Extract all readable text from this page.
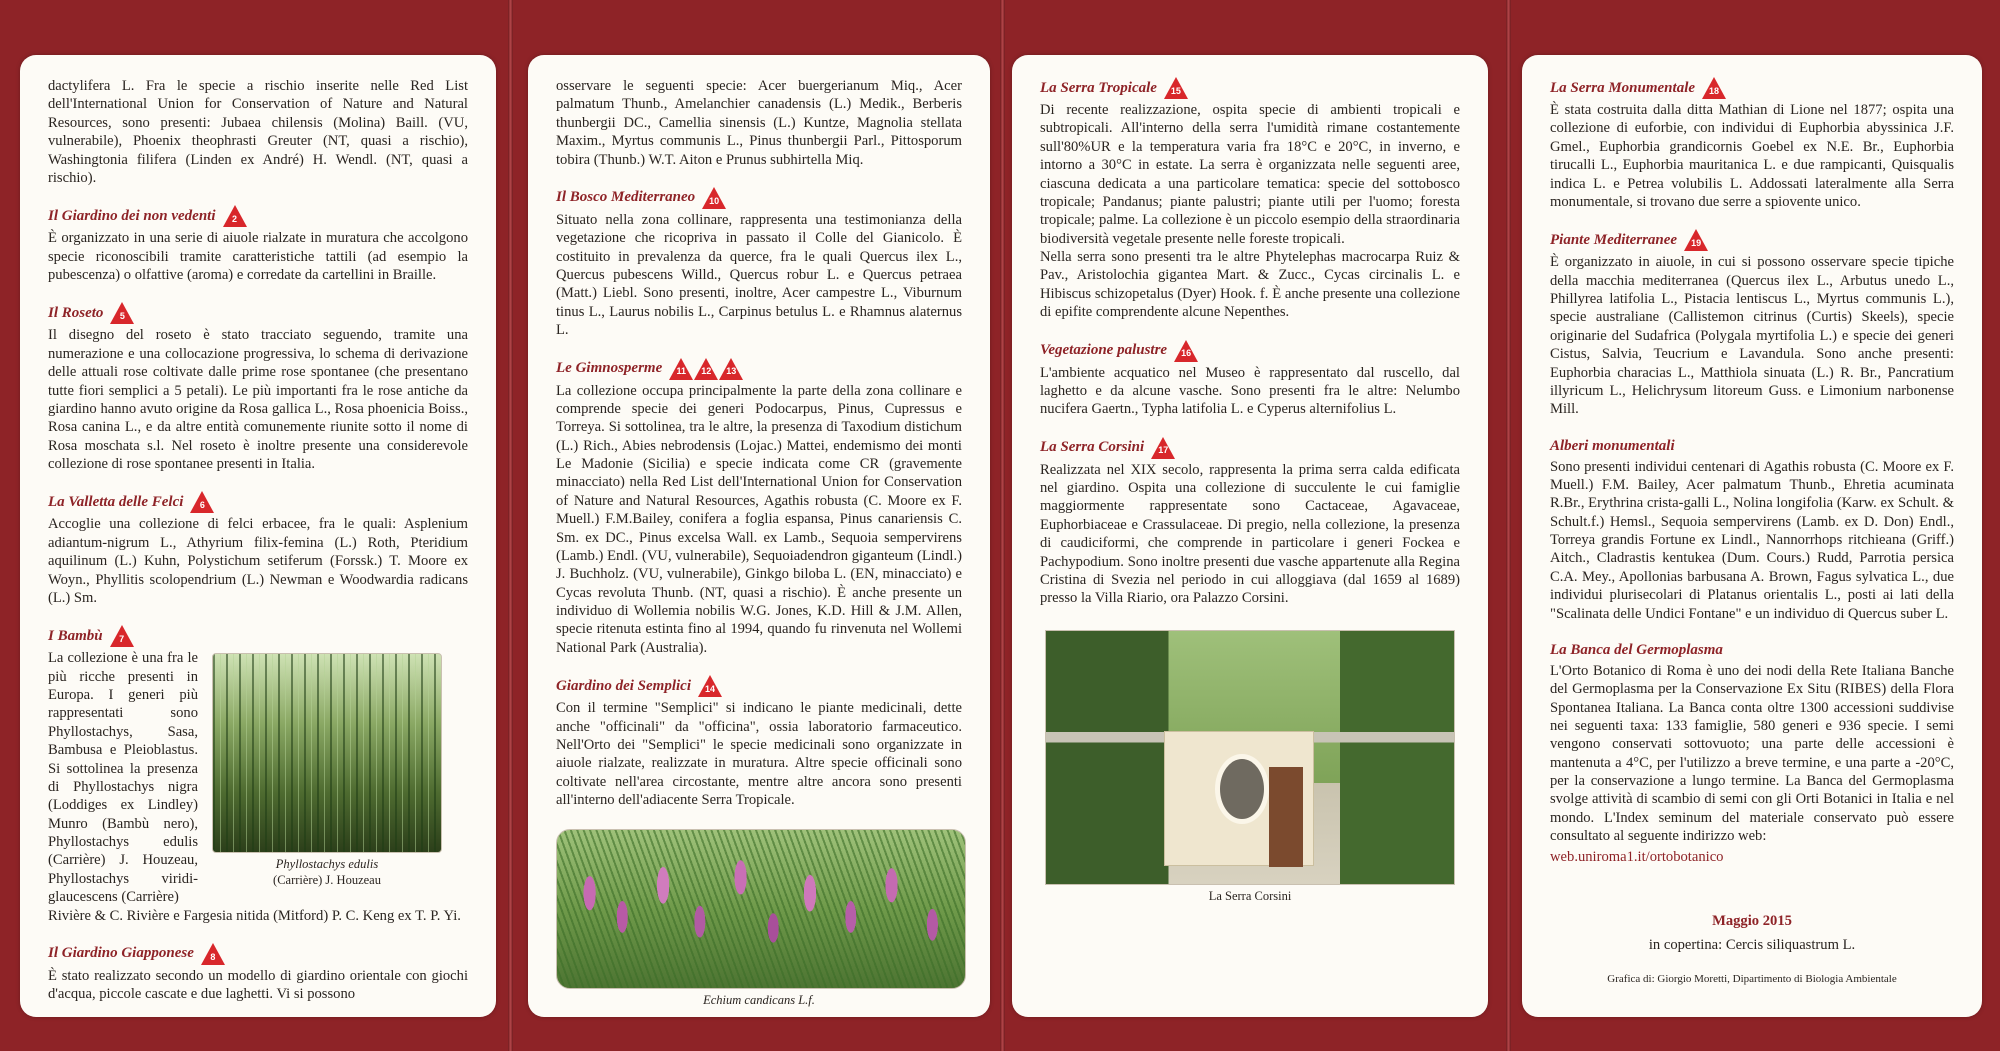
dactylifera L. Fra le specie a rischio inserite nelle Red List dell'International Union for Conservation of Nature and Natural Resources, sono presenti: Jubaea chilensis (Molina) Baill. (VU, vulnerabile), Phoenix theophrasti Greuter (NT, quasi a rischio), Washingtonia filifera (Linden ex André) H. Wendl. (NT, quasi a rischio).

Il Giardino dei non vedenti 2

È organizzato in una serie di aiuole rialzate in muratura che accolgono specie riconoscibili tramite caratteristiche tattili (ad esempio la pubescenza) o olfattive (aroma) e corredate da cartellini in Braille.

Il Roseto 5

Il disegno del roseto è stato tracciato seguendo, tramite una numerazione e una collocazione progressiva, lo schema di derivazione delle attuali rose coltivate dalle prime rose spontanee (che presentano tutte fiori semplici a 5 petali). Le più importanti fra le rose antiche da giardino hanno avuto origine da Rosa gallica L., Rosa phoenicia Boiss., Rosa canina L., e da altre entità comunemente riunite sotto il nome di Rosa moschata s.l. Nel roseto è inoltre presente una considerevole collezione di rose spontanee presenti in Italia.

La Valletta delle Felci 6

Accoglie una collezione di felci erbacee, fra le quali: Asplenium adiantum-nigrum L., Athyrium filix-femina (L.) Roth, Pteridium aquilinum (L.) Kuhn, Polystichum setiferum (Forssk.) T. Moore ex Woyn., Phyllitis scolopendrium (L.) Newman e Woodwardia radicans (L.) Sm.

I Bambù 7

La collezione è una fra le più ricche presenti in Europa. I generi più rappresentati sono Phyllostachys, Sasa, Bambusa e Pleioblastus. Si sottolinea la presenza di Phyllostachys nigra (Loddiges ex Lindley) Munro (Bambù nero), Phyllostachys edulis (Carrière) J. Houzeau, Phyllostachys viridi-glaucescens (Carrière)

Phyllostachys edulis
(Carrière) J. Houzeau

Rivière & C. Rivière e Fargesia nitida (Mitford) P. C. Keng ex T. P. Yi.

Il Giardino Giapponese 8

È stato realizzato secondo un modello di giardino orientale con giochi d'acqua, piccole cascate e due laghetti. Vi si possono

osservare le seguenti specie: Acer buergerianum Miq., Acer palmatum Thunb., Amelanchier canadensis (L.) Medik., Berberis thunbergii DC., Camellia sinensis (L.) Kuntze, Magnolia stellata Maxim., Myrtus communis L., Pinus thunbergii Parl., Pittosporum tobira (Thunb.) W.T. Aiton e Prunus subhirtella Miq.

Il Bosco Mediterraneo 10

Situato nella zona collinare, rappresenta una testimonianza della vegetazione che ricopriva in passato il Colle del Gianicolo. È costituito in prevalenza da querce, fra le quali Quercus ilex L., Quercus pubescens Willd., Quercus robur L. e Quercus petraea (Matt.) Liebl. Sono presenti, inoltre, Acer campestre L., Viburnum tinus L., Laurus nobilis L., Carpinus betulus L. e Rhamnus alaternus L.

Le Gimnosperme 11 12 13

La collezione occupa principalmente la parte della zona collinare e comprende specie dei generi Podocarpus, Pinus, Cupressus e Torreya. Si sottolinea, tra le altre, la presenza di Taxodium distichum (L.) Rich., Abies nebrodensis (Lojac.) Mattei, endemismo dei monti Le Madonie (Sicilia) e specie indicata come CR (gravemente minacciato) nella Red List dell'International Union for Conservation of Nature and Natural Resources, Agathis robusta (C. Moore ex F. Muell.) F.M.Bailey, conifera a foglia espansa, Pinus canariensis C. Sm. ex DC., Pinus excelsa Wall. ex Lamb., Sequoia sempervirens (Lamb.) Endl. (VU, vulnerabile), Sequoiadendron giganteum (Lindl.) J. Buchholz. (VU, vulnerabile), Ginkgo biloba L. (EN, minacciato) e Cycas revoluta Thunb. (NT, quasi a rischio). È anche presente un individuo di Wollemia nobilis W.G. Jones, K.D. Hill & J.M. Allen, specie ritenuta estinta fino al 1994, quando fu rinvenuta nel Wollemi National Park (Australia).

Giardino dei Semplici 14

Con il termine "Semplici" si indicano le piante medicinali, dette anche "officinali" da "officina", ossia laboratorio farmaceutico. Nell'Orto dei "Semplici" le specie medicinali sono organizzate in aiuole rialzate, realizzate in muratura. Altre specie officinali sono coltivate nell'area circostante, mentre altre ancora sono presenti all'interno dell'adiacente Serra Tropicale.

Echium candicans L.f.
La Serra Tropicale 15

Di recente realizzazione, ospita specie di ambienti tropicali e subtropicali. All'interno della serra l'umidità rimane costantemente sull'80%UR e la temperatura varia fra 18°C e 20°C, in inverno, e intorno a 30°C in estate. La serra è organizzata nelle seguenti aree, ciascuna dedicata a una particolare tematica: specie del sottobosco tropicale; Pandanus; piante palustri; piante utili per l'uomo; foresta tropicale; palme. La collezione è un piccolo esempio della straordinaria biodiversità vegetale presente nelle foreste tropicali.

Nella serra sono presenti tra le altre Phytelephas macrocarpa Ruiz & Pav., Aristolochia gigantea Mart. & Zucc., Cycas circinalis L. e Hibiscus schizopetalus (Dyer) Hook. f. È anche presente una collezione di epifite comprendente alcune Nepenthes.

Vegetazione palustre 16

L'ambiente acquatico nel Museo è rappresentato dal ruscello, dal laghetto e da alcune vasche. Sono presenti fra le altre: Nelumbo nucifera Gaertn., Typha latifolia L. e Cyperus alternifolius L.

La Serra Corsini 17

Realizzata nel XIX secolo, rappresenta la prima serra calda edificata nel giardino. Ospita una collezione di succulente le cui famiglie maggiormente rappresentate sono Cactaceae, Agavaceae, Euphorbiaceae e Crassulaceae. Di pregio, nella collezione, la presenza di caudiciformi, che comprende in particolare i generi Fockea e Pachypodium. Sono inoltre presenti due vasche appartenute alla Regina Cristina di Svezia nel periodo in cui alloggiava (dal 1659 al 1689) presso la Villa Riario, ora Palazzo Corsini.

La Serra Corsini
La Serra Monumentale 18

È stata costruita dalla ditta Mathian di Lione nel 1877; ospita una collezione di euforbie, con individui di Euphorbia abyssinica J.F. Gmel., Euphorbia grandicornis Goebel ex N.E. Br., Euphorbia tirucalli L., Euphorbia mauritanica L. e due rampicanti, Quisqualis indica L. e Petrea volubilis L. Addossati lateralmente alla Serra monumentale, si trovano due serre a spiovente unico.

Piante Mediterranee 19

È organizzato in aiuole, in cui si possono osservare specie tipiche della macchia mediterranea (Quercus ilex L., Arbutus unedo L., Phillyrea latifolia L., Pistacia lentiscus L., Myrtus communis L.), specie australiane (Callistemon citrinus (Curtis) Skeels), specie originarie del Sudafrica (Polygala myrtifolia L.) e specie dei generi Cistus, Salvia, Teucrium e Lavandula. Sono anche presenti: Euphorbia characias L., Matthiola sinuata (L.) R. Br., Pancratium illyricum L., Helichrysum litoreum Guss. e Limonium narbonense Mill.

Alberi monumentali

Sono presenti individui centenari di Agathis robusta (C. Moore ex F. Muell.) F.M. Bailey, Acer palmatum Thunb., Ehretia acuminata R.Br., Erythrina crista-galli L., Nolina longifolia (Karw. ex Schult. & Schult.f.) Hemsl., Sequoia sempervirens (Lamb. ex D. Don) Endl., Torreya grandis Fortune ex Lindl., Nannorrhops ritchieana (Griff.) Aitch., Cladrastis kentukea (Dum. Cours.) Rudd, Parrotia persica C.A. Mey., Apollonias barbusana A. Brown, Fagus sylvatica L., due individui plurisecolari di Platanus orientalis L., posti ai lati della "Scalinata delle Undici Fontane" e un individuo di Quercus suber L.

La Banca del Germoplasma

L'Orto Botanico di Roma è uno dei nodi della Rete Italiana Banche del Germoplasma per la Conservazione Ex Situ (RIBES) della Flora Spontanea Italiana. La Banca conta oltre 1300 accessioni suddivise nei seguenti taxa: 133 famiglie, 580 generi e 936 specie. I semi vengono conservati sottovuoto; una parte delle accessioni è mantenuta a 4°C, per l'utilizzo a breve termine, e una parte a -20°C, per la conservazione a lungo termine. La Banca del Germoplasma svolge attività di scambio di semi con gli Orti Botanici in Italia e nel mondo. L'Index seminum del materiale conservato può essere consultato al seguente indirizzo web:

web.uniroma1.it/ortobotanico

Maggio 2015
in copertina: Cercis siliquastrum L.
Grafica di: Giorgio Moretti, Dipartimento di Biologia Ambientale
